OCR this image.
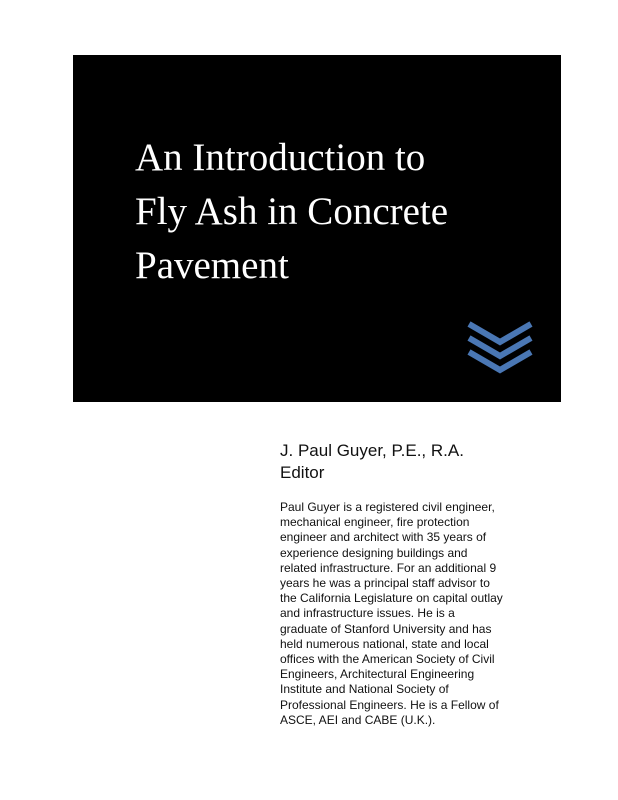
An Introduction to
Fly Ash in Concrete
Pavement
J. Paul Guyer, P.E., R.A.
Editor

Paul Guyer is a registered civil engineer,
mechanical engineer, fire protection
engineer and architect with 35 years of
experience designing buildings and
related infrastructure. For an additional 9
years he was a principal staff advisor to
the California Legislature on capital outlay
and infrastructure issues. He is a
graduate of Stanford University and has
held numerous national, state and local
offices with the American Society of Civil
Engineers, Architectural Engineering
Institute and National Society of
Professional Engineers. He is a Fellow of
ASCE, AEI and CABE (U.K.).
